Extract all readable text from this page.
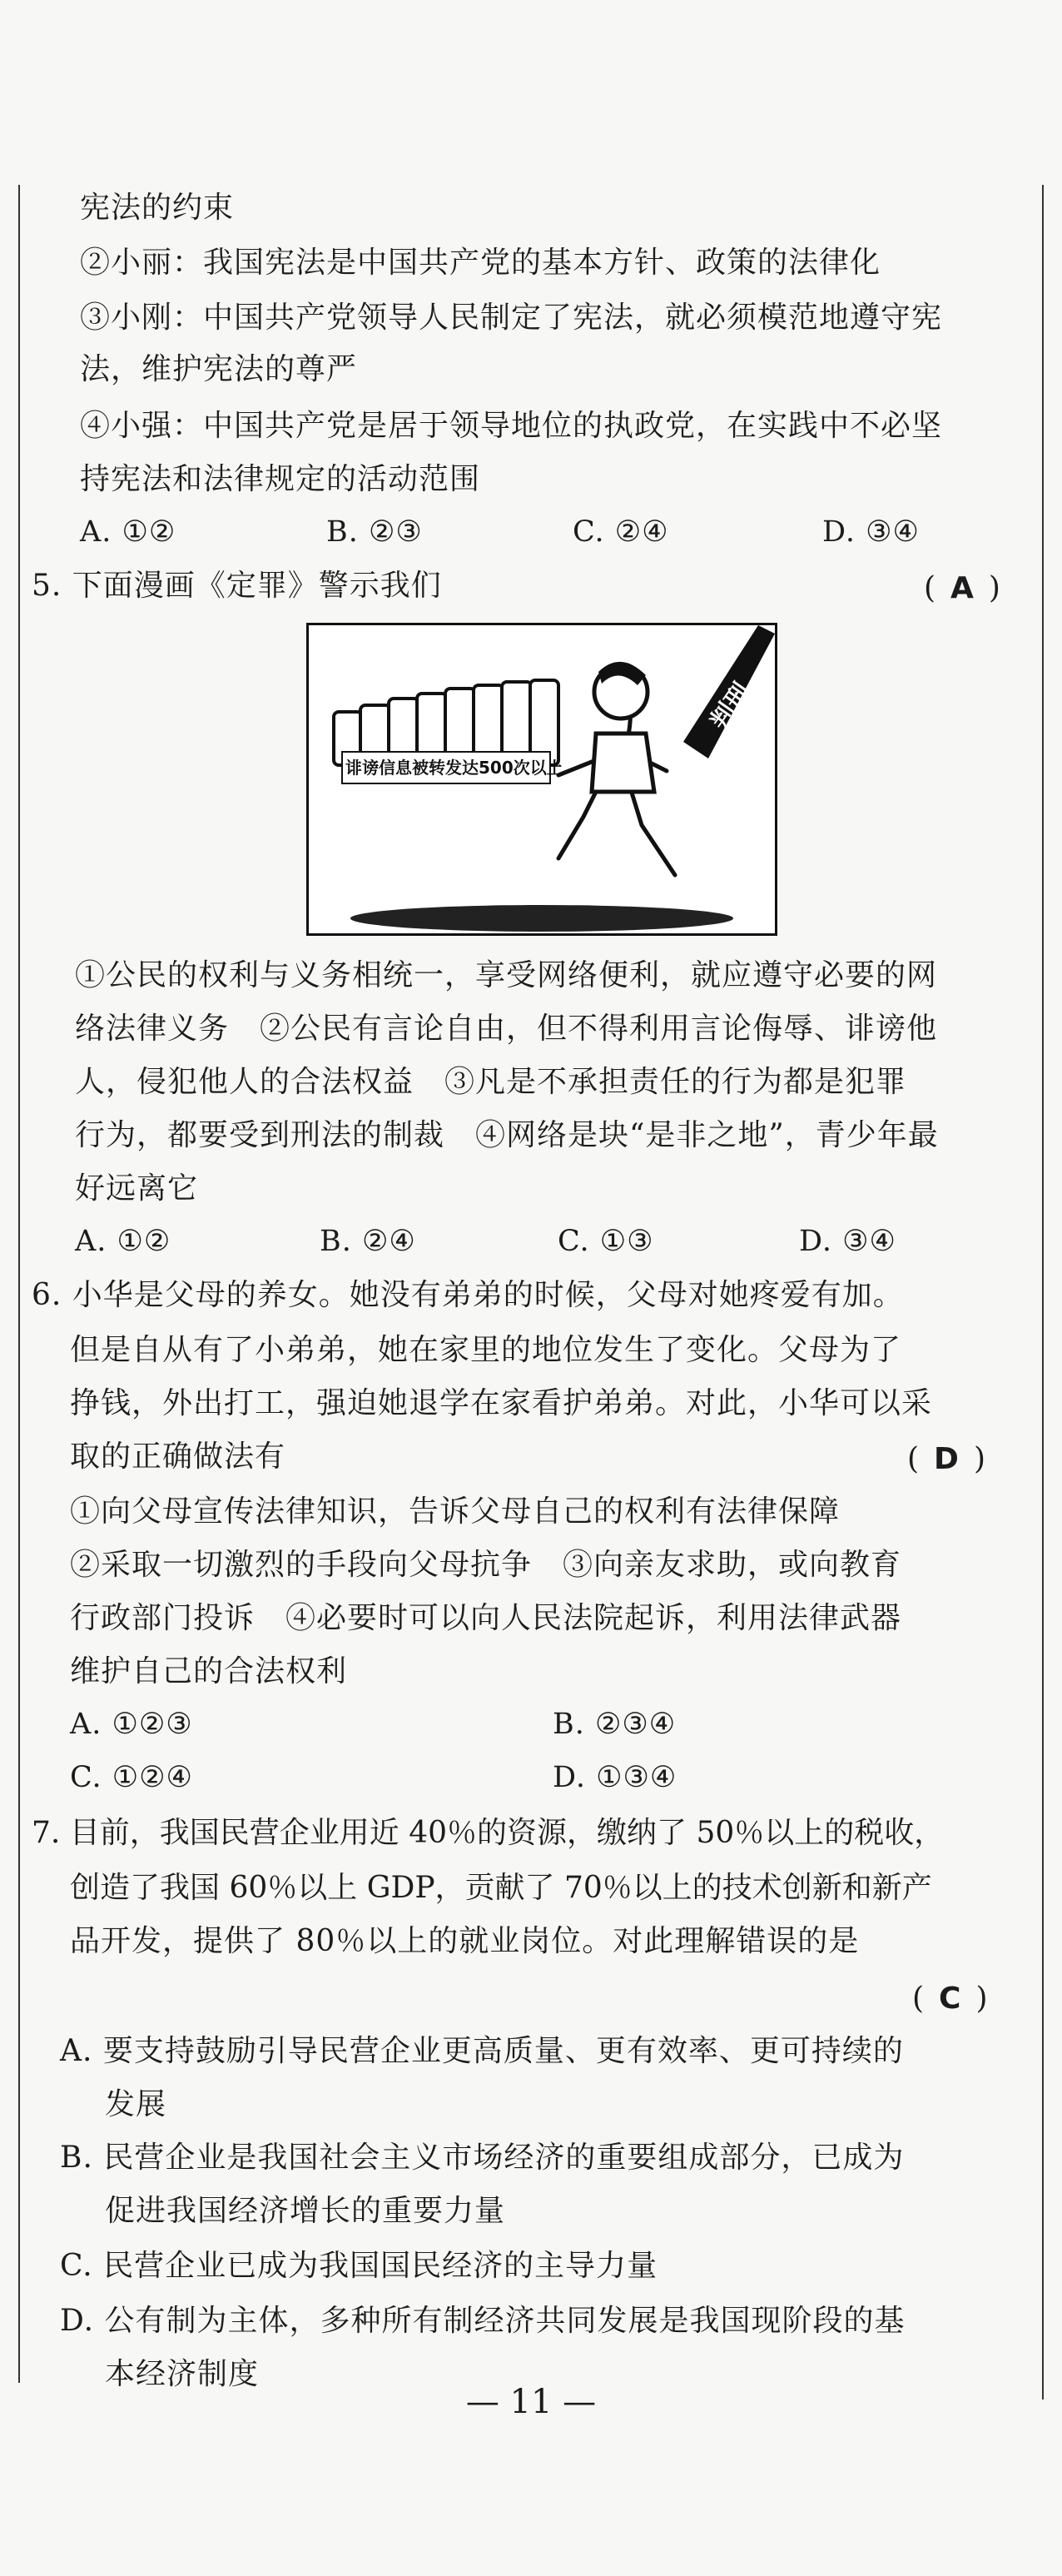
宪法的约束
②小丽：我国宪法是中国共产党的基本方针、政策的法律化
③小刚：中国共产党领导人民制定了宪法，就必须模范地遵守宪
法，维护宪法的尊严
④小强：中国共产党是居于领导地位的执政党，在实践中不必坚
持宪法和法律规定的活动范围
A. ①②	B. ②③	C. ②④	D. ③④
5. 下面漫画《定罪》警示我们	( A )
诽谤信息被转发达500次以上
判刑
①公民的权利与义务相统一，享受网络便利，就应遵守必要的网
络法律义务　②公民有言论自由，但不得利用言论侮辱、诽谤他
人，侵犯他人的合法权益　③凡是不承担责任的行为都是犯罪
行为，都要受到刑法的制裁　④网络是块“是非之地”，青少年最
好远离它
A. ①②	B. ②④	C. ①③	D. ③④
6. 小华是父母的养女。她没有弟弟的时候，父母对她疼爱有加。
但是自从有了小弟弟，她在家里的地位发生了变化。父母为了
挣钱，外出打工，强迫她退学在家看护弟弟。对此，小华可以采
取的正确做法有	( D )
①向父母宣传法律知识，告诉父母自己的权利有法律保障
②采取一切激烈的手段向父母抗争　③向亲友求助，或向教育
行政部门投诉　④必要时可以向人民法院起诉，利用法律武器
维护自己的合法权利
A. ①②③	B. ②③④
C. ①②④	D. ①③④
7. 目前，我国民营企业用近 40％的资源，缴纳了 50％以上的税收，
创造了我国 60％以上 GDP，贡献了 70％以上的技术创新和新产
品开发，提供了 80％以上的就业岗位。对此理解错误的是
( C )
A. 要支持鼓励引导民营企业更高质量、更有效率、更可持续的
发展
B. 民营企业是我国社会主义市场经济的重要组成部分，已成为
促进我国经济增长的重要力量
C. 民营企业已成为我国国民经济的主导力量
D. 公有制为主体，多种所有制经济共同发展是我国现阶段的基
本经济制度
— 11 —
